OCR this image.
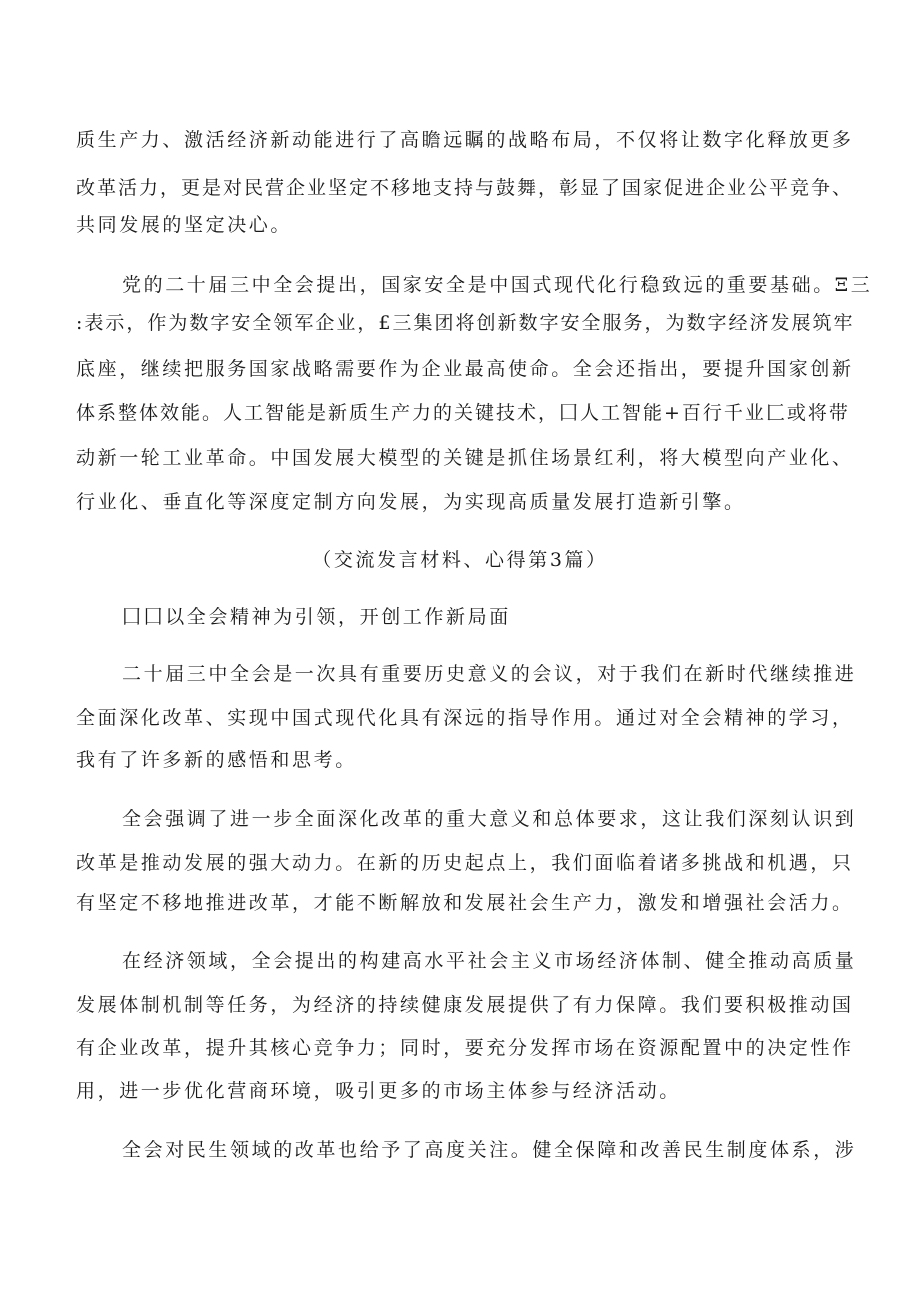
质生产力、激活经济新动能进行了高瞻远瞩的战略布局，不仅将让数字化释放更多

改革活力，更是对民营企业坚定不移地支持与鼓舞，彰显了国家促进企业公平竞争、

共同发展的坚定决心。

党的二十届三中全会提出，国家安全是中国式现代化行稳致远的重要基础。Ξ三

:表示，作为数字安全领军企业，£三集团将创新数字安全服务，为数字经济发展筑牢

底座，继续把服务国家战略需要作为企业最高使命。全会还指出，要提升国家创新

体系整体效能。人工智能是新质生产力的关键技术，囗人工智能+百行千业匚或将带

动新一轮工业革命。中国发展大模型的关键是抓住场景红利，将大模型向产业化、

行业化、垂直化等深度定制方向发展，为实现高质量发展打造新引擎。

（交流发言材料、心得第3篇）

囗囗以全会精神为引领，开创工作新局面

二十届三中全会是一次具有重要历史意义的会议，对于我们在新时代继续推进

全面深化改革、实现中国式现代化具有深远的指导作用。通过对全会精神的学习，

我有了许多新的感悟和思考。

全会强调了进一步全面深化改革的重大意义和总体要求，这让我们深刻认识到

改革是推动发展的强大动力。在新的历史起点上，我们面临着诸多挑战和机遇，只

有坚定不移地推进改革，才能不断解放和发展社会生产力，激发和增强社会活力。

在经济领域，全会提出的构建高水平社会主义市场经济体制、健全推动高质量

发展体制机制等任务，为经济的持续健康发展提供了有力保障。我们要积极推动国

有企业改革，提升其核心竞争力；同时，要充分发挥市场在资源配置中的决定性作

用，进一步优化营商环境，吸引更多的市场主体参与经济活动。

全会对民生领域的改革也给予了高度关注。健全保障和改善民生制度体系，涉
